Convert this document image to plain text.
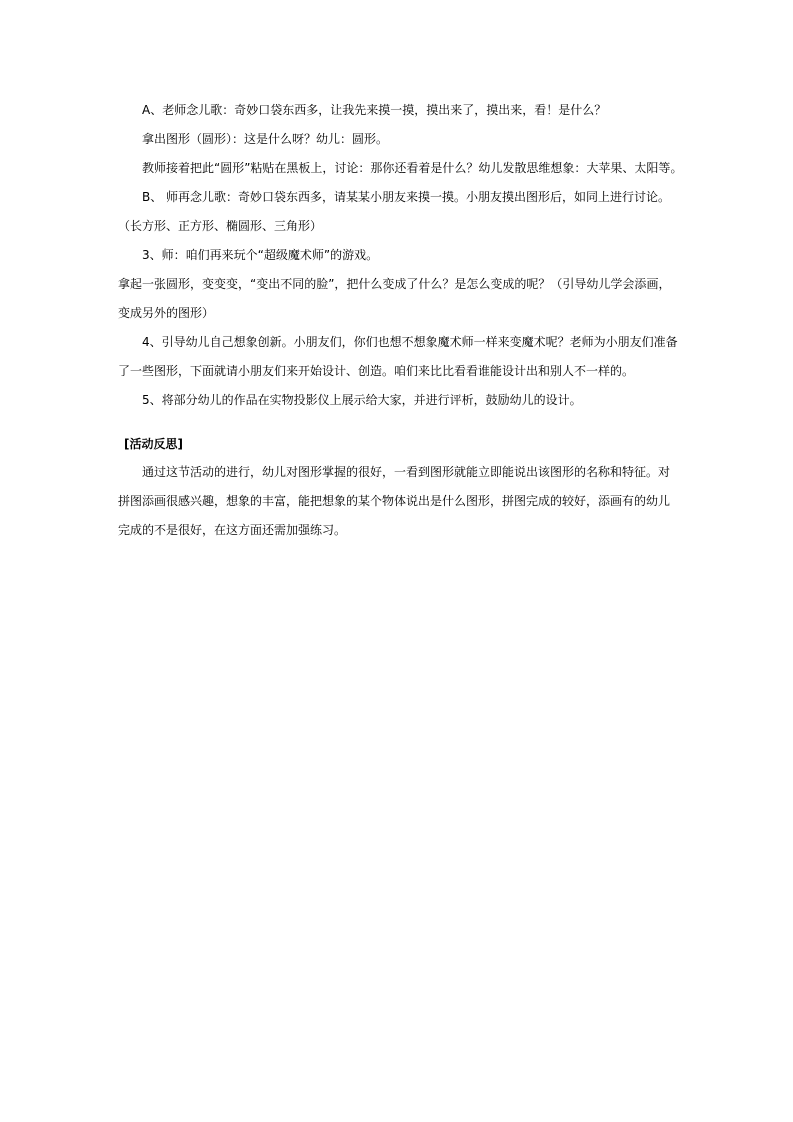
A、老师念儿歌：奇妙口袋东西多，让我先来摸一摸，摸出来了，摸出来，看！是什么？

拿出图形（圆形）：这是什么呀？幼儿：圆形。

教师接着把此“圆形”粘贴在黑板上，讨论：那你还看着是什么？幼儿发散思维想象：大苹果、太阳等。

B、 师再念儿歌：奇妙口袋东西多，请某某小朋友来摸一摸。小朋友摸出图形后，如同上进行讨论。

（长方形、正方形、椭圆形、三角形）

3、师：咱们再来玩个“超级魔术师”的游戏。

拿起一张圆形，变变变，“变出不同的脸”，把什么变成了什么？是怎么变成的呢？（引导幼儿学会添画，

变成另外的图形）

4、引导幼儿自己想象创新。小朋友们，你们也想不想象魔术师一样来变魔术呢？老师为小朋友们准备

了一些图形，下面就请小朋友们来开始设计、创造。咱们来比比看看谁能设计出和别人不一样的。

5、将部分幼儿的作品在实物投影仪上展示给大家，并进行评析，鼓励幼儿的设计。

[活动反思]

通过这节活动的进行，幼儿对图形掌握的很好，一看到图形就能立即能说出该图形的名称和特征。对

拼图添画很感兴趣，想象的丰富，能把想象的某个物体说出是什么图形，拼图完成的较好，添画有的幼儿

完成的不是很好，在这方面还需加强练习。
